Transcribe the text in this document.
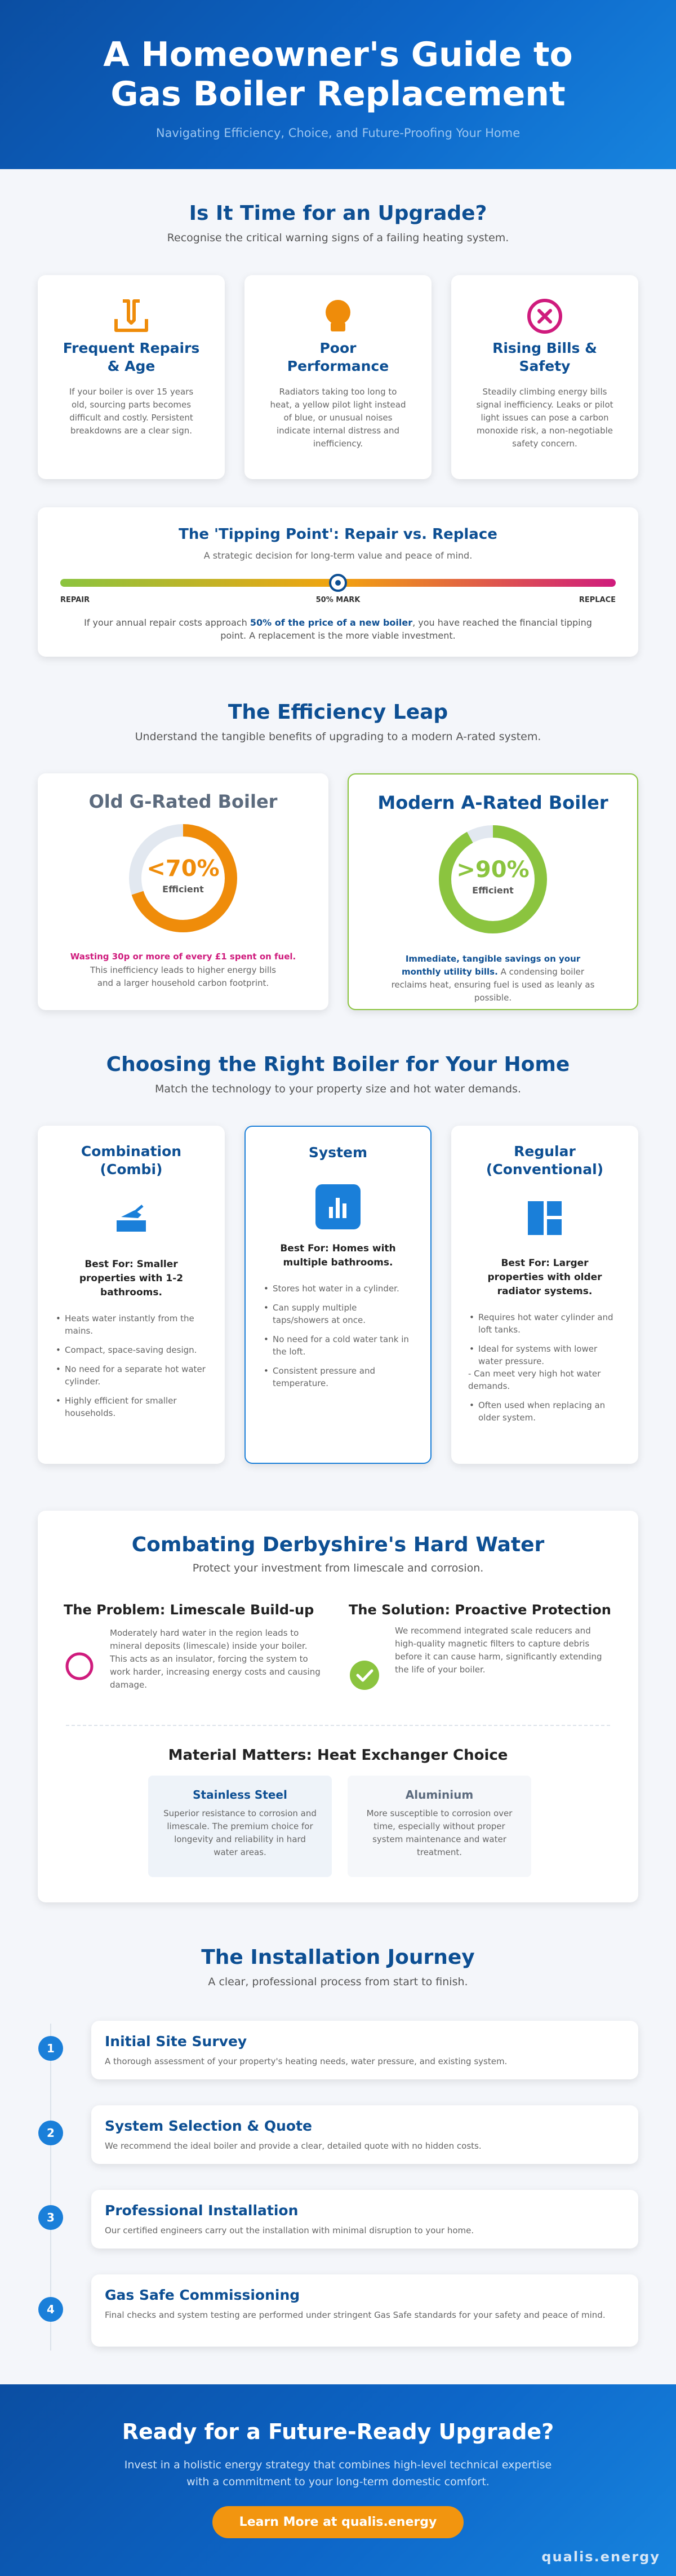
A Homeowner's Guide to Gas Boiler Replacement

Navigating Efficiency, Choice, and Future-Proofing Your Home

Is It Time for an Upgrade?
Recognise the critical warning signs of a failing heating system.
Frequent Repairs & Age

If your boiler is over 15 years old, sourcing parts becomes difficult and costly. Persistent breakdowns are a clear sign.

Poor Performance

Radiators taking too long to heat, a yellow pilot light instead of blue, or unusual noises indicate internal distress and inefficiency.

Rising Bills & Safety

Steadily climbing energy bills signal inefficiency. Leaks or pilot light issues can pose a carbon monoxide risk, a non-negotiable safety concern.

The 'Tipping Point': Repair vs. Replace

A strategic decision for long-term value and peace of mind.

REPAIR	50% MARK	REPLACE

If your annual repair costs approach 50% of the price of a new boiler, you have reached the financial tipping point. A replacement is the more viable investment.

The Efficiency Leap
Understand the tangible benefits of upgrading to a modern A-rated system.
Old G-Rated Boiler
<70%
Efficient

Wasting 30p or more of every £1 spent on fuel.

This inefficiency leads to higher energy bills and a larger household carbon footprint.

Modern A-Rated Boiler
>90%
Efficient

Immediate, tangible savings on your monthly utility bills. A condensing boiler reclaims heat, ensuring fuel is used as leanly as possible.

Choosing the Right Boiler for Your Home
Match the technology to your property size and hot water demands.
Combination (Combi)

Best For: Smaller properties with 1-2 bathrooms.

• Heats water instantly from the mains.
• Compact, space-saving design.
• No need for a separate hot water cylinder.
• Highly efficient for smaller households.
System

Best For: Homes with multiple bathrooms.

• Stores hot water in a cylinder.
• Can supply multiple taps/showers at once.
• No need for a cold water tank in the loft.
• Consistent pressure and temperature.
Regular (Conventional)

Best For: Larger properties with older radiator systems.

• Requires hot water cylinder and loft tanks.
• Ideal for systems with lower water pressure.

- Can meet very high hot water demands.

• Often used when replacing an older system.
Combating Derbyshire's Hard Water
Protect your investment from limescale and corrosion.
The Problem: Limescale Build-up

Moderately hard water in the region leads to mineral deposits (limescale) inside your boiler. This acts as an insulator, forcing the system to work harder, increasing energy costs and causing damage.

The Solution: Proactive Protection

We recommend integrated scale reducers and high-quality magnetic filters to capture debris before it can cause harm, significantly extending the life of your boiler.

Material Matters: Heat Exchanger Choice
Stainless Steel

Superior resistance to corrosion and limescale. The premium choice for longevity and reliability in hard water areas.

Aluminium

More susceptible to corrosion over time, especially without proper system maintenance and water treatment.

The Installation Journey
A clear, professional process from start to finish.
1	Initial Site Survey

A thorough assessment of your property's heating needs, water pressure, and existing system.

2	System Selection & Quote

We recommend the ideal boiler and provide a clear, detailed quote with no hidden costs.

3	Professional Installation

Our certified engineers carry out the installation with minimal disruption to your home.

4
Gas Safe Commissioning

Final checks and system testing are performed under stringent Gas Safe standards for your safety and peace of mind.

Ready for a Future-Ready Upgrade?

Invest in a holistic energy strategy that combines high-level technical expertise with a commitment to your long-term domestic comfort.

Learn More at qualis.energy
qualis.energy
